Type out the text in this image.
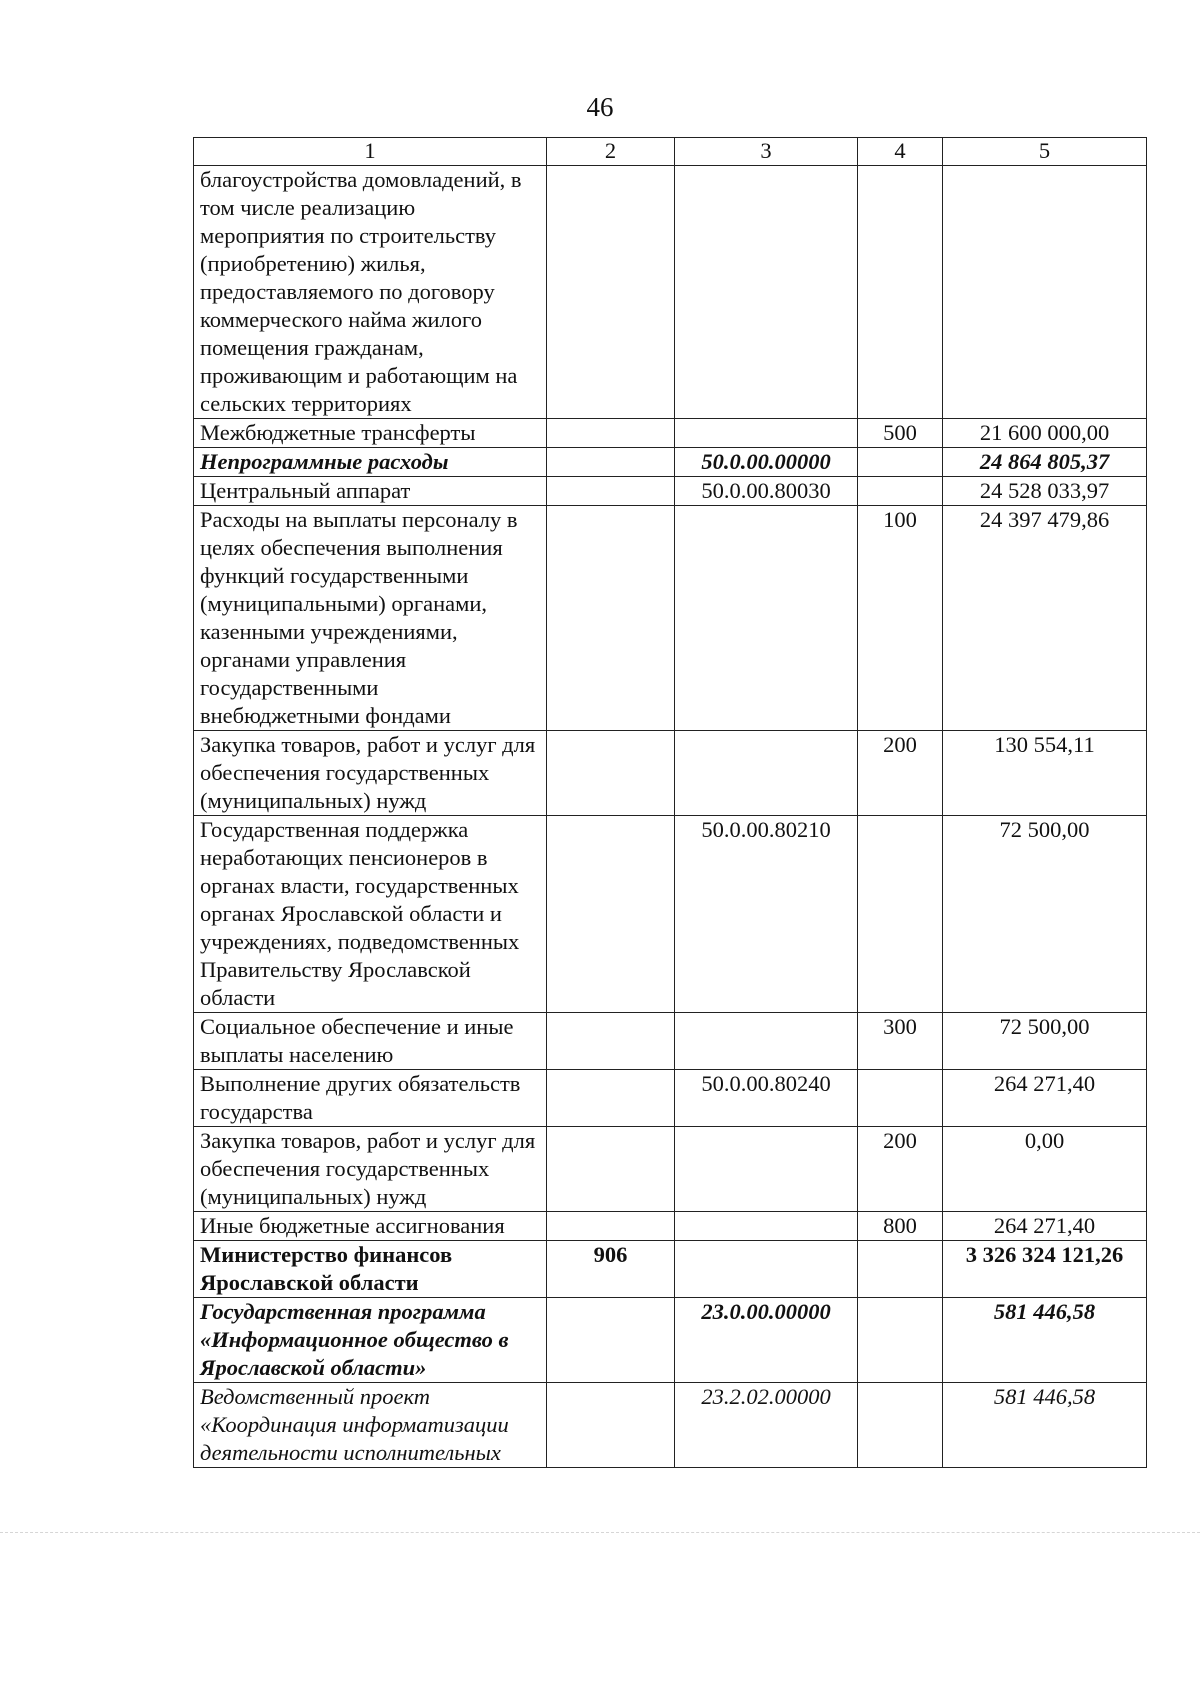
46
1	2	3	4	5
благоустройства домовладений, в том числе реализацию мероприятия по строительству (приобретению) жилья, предоставляемого по договору коммерческого найма жилого помещения гражданам, проживающим и работающим на сельских территориях				
Межбюджетные трансферты			500	21 600 000,00
Непрограммные расходы		50.0.00.00000		24 864 805,37
Центральный аппарат		50.0.00.80030		24 528 033,97
Расходы на выплаты персоналу в целях обеспечения выполнения функций государственными (муниципальными) органами, казенными учреждениями, органами управления государственными внебюджетными фондами			100	24 397 479,86
Закупка товаров, работ и услуг для обеспечения государственных (муниципальных) нужд			200	130 554,11
Государственная поддержка неработающих пенсионеров в органах власти, государственных органах Ярославской области и учреждениях, подведомственных Правительству Ярославской области		50.0.00.80210		72 500,00
Социальное обеспечение и иные выплаты населению			300	72 500,00
Выполнение других обязательств государства		50.0.00.80240		264 271,40
Закупка товаров, работ и услуг для обеспечения государственных (муниципальных) нужд			200	0,00
Иные бюджетные ассигнования			800	264 271,40
Министерство финансов Ярославской области	906			3 326 324 121,26
Государственная программа «Информационное общество в Ярославской области»		23.0.00.00000		581 446,58
Ведомственный проект «Координация информатизации деятельности исполнительных		23.2.02.00000		581 446,58
